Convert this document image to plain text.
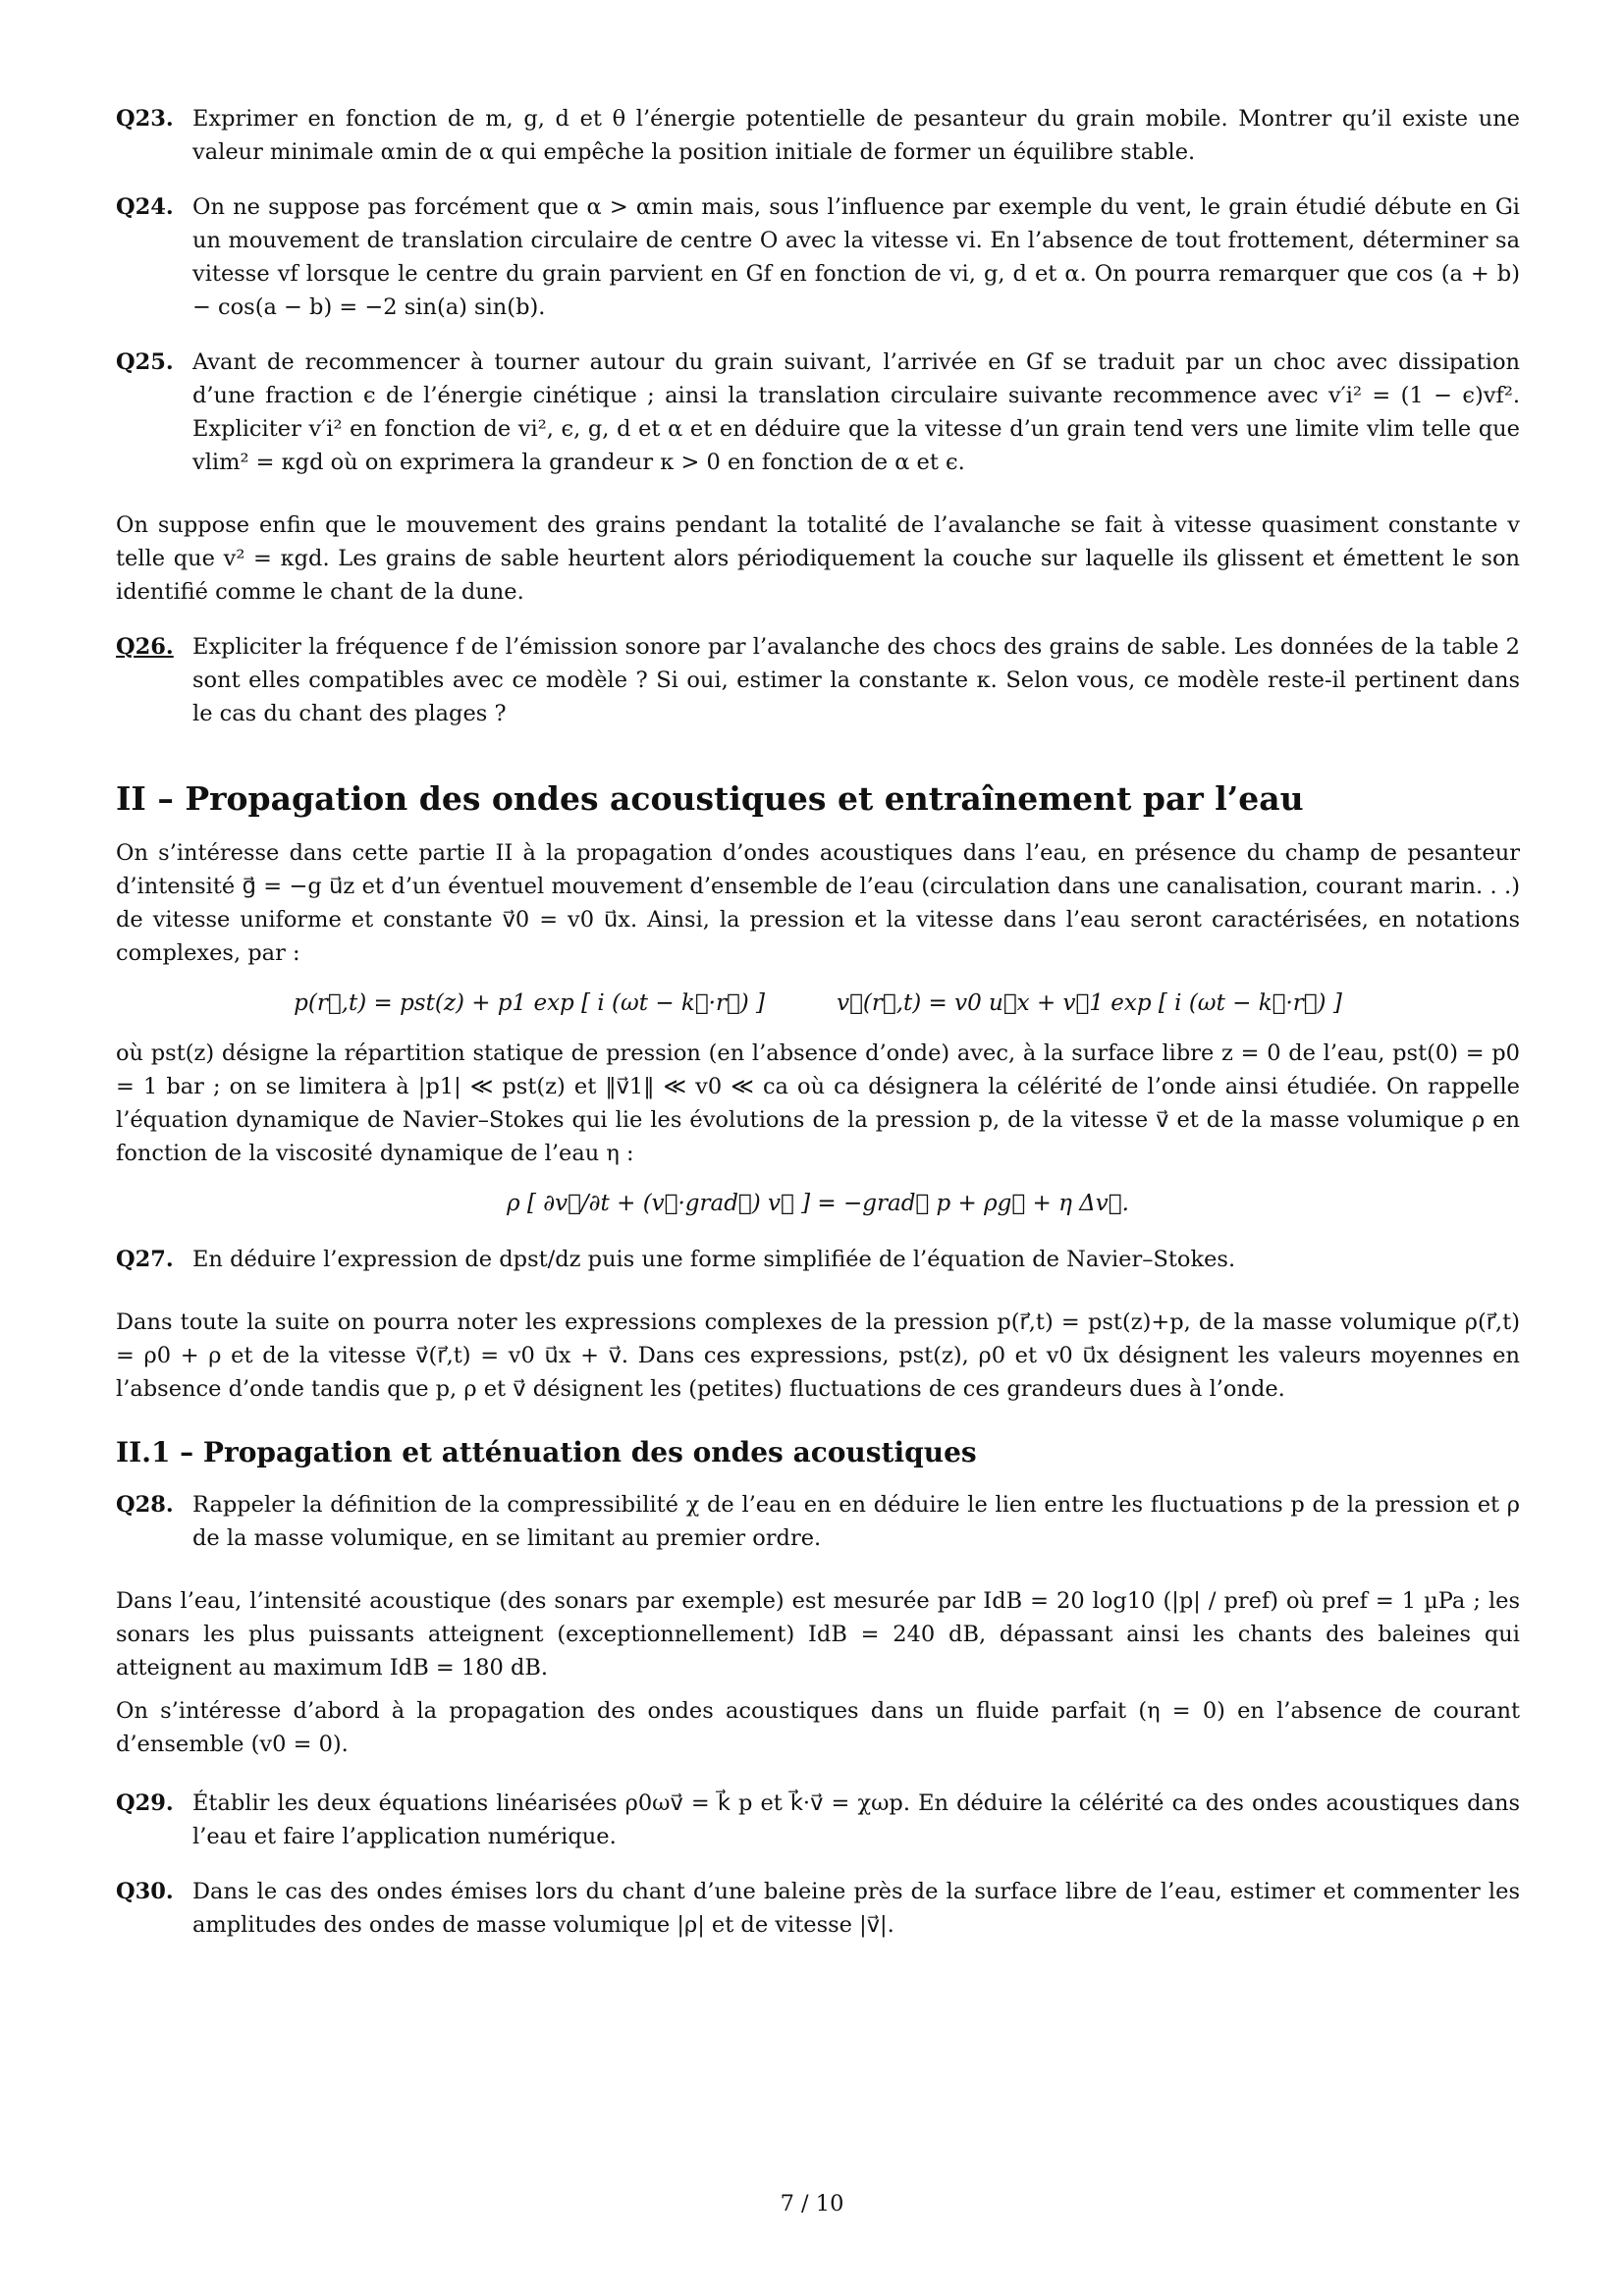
Q23. Exprimer en fonction de m, g, d et θ l’énergie potentielle de pesanteur du grain mobile. Montrer qu’il existe une valeur minimale αmin de α qui empêche la position initiale de former un équilibre stable.
Q24. On ne suppose pas forcément que α > αmin mais, sous l’influence par exemple du vent, le grain étudié débute en Gi un mouvement de translation circulaire de centre O avec la vitesse vi. En l’absence de tout frottement, déterminer sa vitesse vf lorsque le centre du grain parvient en Gf en fonction de vi, g, d et α. On pourra remarquer que cos (a + b) − cos(a − b) = −2 sin(a) sin(b).
Q25. Avant de recommencer à tourner autour du grain suivant, l’arrivée en Gf se traduit par un choc avec dissipation d’une fraction ϵ de l’énergie cinétique ; ainsi la translation circulaire suivante recommence avec v′i² = (1 − ϵ)vf². Expliciter v′i² en fonction de vi², ϵ, g, d et α et en déduire que la vitesse d’un grain tend vers une limite vlim telle que vlim² = κgd où on exprimera la grandeur κ > 0 en fonction de α et ϵ.
On suppose enfin que le mouvement des grains pendant la totalité de l’avalanche se fait à vitesse quasiment constante v telle que v² = κgd. Les grains de sable heurtent alors périodiquement la couche sur laquelle ils glissent et émettent le son identifié comme le chant de la dune.
Q26. Expliciter la fréquence f de l’émission sonore par l’avalanche des chocs des grains de sable. Les données de la table 2 sont elles compatibles avec ce modèle ? Si oui, estimer la constante κ. Selon vous, ce modèle reste-il pertinent dans le cas du chant des plages ?
II – Propagation des ondes acoustiques et entraînement par l’eau
On s’intéresse dans cette partie II à la propagation d’ondes acoustiques dans l’eau, en présence du champ de pesanteur d’intensité g⃗ = −g u⃗z et d’un éventuel mouvement d’ensemble de l’eau (circulation dans une canalisation, courant marin. . .) de vitesse uniforme et constante v⃗0 = v0 u⃗x. Ainsi, la pression et la vitesse dans l’eau seront caractérisées, en notations complexes, par :
p(r⃗,t) = pst(z) + p1 exp [ i (ωt − k⃗·r⃗) ]          v⃗(r⃗,t) = v0 u⃗x + v⃗1 exp [ i (ωt − k⃗·r⃗) ]
où pst(z) désigne la répartition statique de pression (en l’absence d’onde) avec, à la surface libre z = 0 de l’eau, pst(0) = p0 = 1 bar ; on se limitera à |p1| ≪ pst(z) et ‖v⃗1‖ ≪ v0 ≪ ca où ca désignera la célérité de l’onde ainsi étudiée. On rappelle l’équation dynamique de Navier–Stokes qui lie les évolutions de la pression p, de la vitesse v⃗ et de la masse volumique ρ en fonction de la viscosité dynamique de l’eau η :
ρ [ ∂v⃗/∂t + (v⃗·grad⃗) v⃗ ] = −grad⃗ p + ρg⃗ + η Δv⃗.
Q27. En déduire l’expression de dpst/dz puis une forme simplifiée de l’équation de Navier–Stokes.
Dans toute la suite on pourra noter les expressions complexes de la pression p(r⃗,t) = pst(z)+p, de la masse volumique ρ(r⃗,t) = ρ0 + ρ et de la vitesse v⃗(r⃗,t) = v0 u⃗x + v⃗. Dans ces expressions, pst(z), ρ0 et v0 u⃗x désignent les valeurs moyennes en l’absence d’onde tandis que p, ρ et v⃗ désignent les (petites) fluctuations de ces grandeurs dues à l’onde.
II.1 – Propagation et atténuation des ondes acoustiques
Q28. Rappeler la définition de la compressibilité χ de l’eau en en déduire le lien entre les fluctuations p de la pression et ρ de la masse volumique, en se limitant au premier ordre.
Dans l’eau, l’intensité acoustique (des sonars par exemple) est mesurée par IdB = 20 log10 (|p| / pref) où pref = 1 µPa ; les sonars les plus puissants atteignent (exceptionnellement) IdB = 240 dB, dépassant ainsi les chants des baleines qui atteignent au maximum IdB = 180 dB.
On s’intéresse d’abord à la propagation des ondes acoustiques dans un fluide parfait (η = 0) en l’absence de courant d’ensemble (v0 = 0).
Q29. Établir les deux équations linéarisées ρ0ωv⃗ = k⃗ p et k⃗·v⃗ = χωp. En déduire la célérité ca des ondes acoustiques dans l’eau et faire l’application numérique.
Q30. Dans le cas des ondes émises lors du chant d’une baleine près de la surface libre de l’eau, estimer et commenter les amplitudes des ondes de masse volumique |ρ| et de vitesse |v⃗|.
7 / 10
